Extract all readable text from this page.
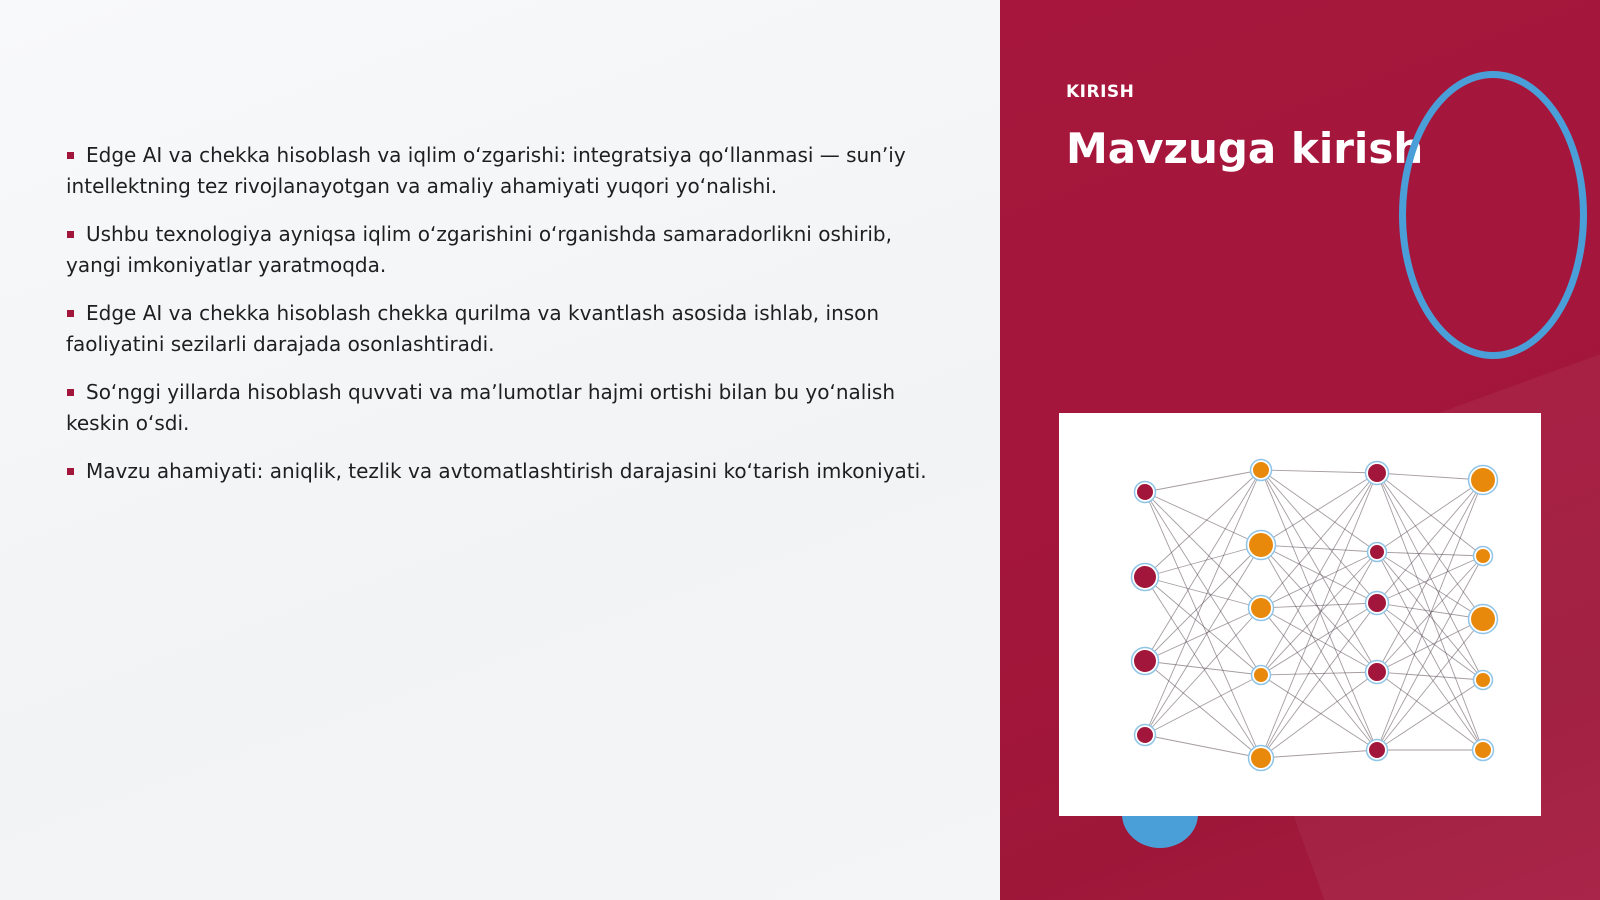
Edge AI va chekka hisoblash va iqlim oʻzgarishi: integratsiya qoʻllanmasi — sunʼiy intellektning tez rivojlanayotgan va amaliy ahamiyati yuqori yoʻnalishi.
Ushbu texnologiya ayniqsa iqlim oʻzgarishini oʻrganishda samaradorlikni oshirib, yangi imkoniyatlar yaratmoqda.
Edge AI va chekka hisoblash chekka qurilma va kvantlash asosida ishlab, inson faoliyatini sezilarli darajada osonlashtiradi.
Soʻnggi yillarda hisoblash quvvati va maʼlumotlar hajmi ortishi bilan bu yoʻnalish keskin oʻsdi.
Mavzu ahamiyati: aniqlik, tezlik va avtomatlashtirish darajasini koʻtarish imkoniyati.
KIRISH
Mavzuga kirish
